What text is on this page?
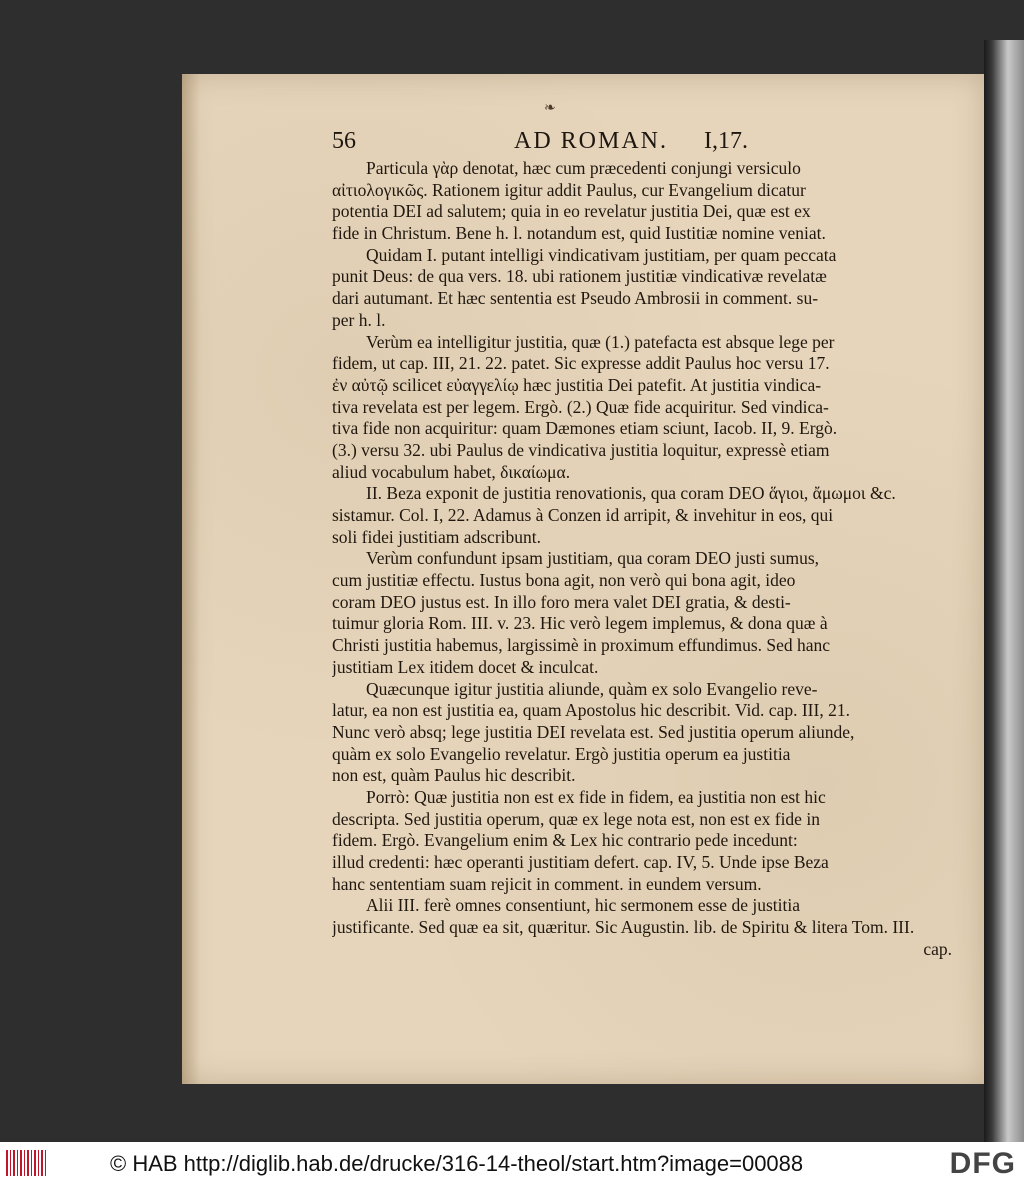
❧
56	AD ROMAN. I,17.
Particula γὰρ denotat, hæc cum præcedenti conjungi versiculo
αἰτιολογικῶς. Rationem igitur addit Paulus, cur Evangelium dicatur
potentia DEI ad salutem; quia in eo revelatur justitia Dei, quæ est ex
fide in Christum. Bene h. l. notandum est, quid Iustitiæ nomine veniat.
Quidam I. putant intelligi vindicativam justitiam, per quam peccata
punit Deus: de qua vers. 18. ubi rationem justitiæ vindicativæ revelatæ
dari autumant. Et hæc sententia est Pseudo Ambrosii in comment. su-
per h. l.
Verùm ea intelligitur justitia, quæ (1.) patefacta est absque lege per
fidem, ut cap. III, 21. 22. patet. Sic expresse addit Paulus hoc versu 17.
ἐν αὐτῷ scilicet εὐαγγελίῳ hæc justitia Dei patefit. At justitia vindica-
tiva revelata est per legem. Ergò. (2.) Quæ fide acquiritur. Sed vindica-
tiva fide non acquiritur: quam Dæmones etiam sciunt, Iacob. II, 9. Ergò.
(3.) versu 32. ubi Paulus de vindicativa justitia loquitur, expressè etiam
aliud vocabulum habet, δικαίωμα.
II. Beza exponit de justitia renovationis, qua coram DEO ἅγιοι, ἄμωμοι &c.
sistamur. Col. I, 22. Adamus à Conzen id arripit, & invehitur in eos, qui
soli fidei justitiam adscribunt.
Verùm confundunt ipsam justitiam, qua coram DEO justi sumus,
cum justitiæ effectu. Iustus bona agit, non verò qui bona agit, ideo
coram DEO justus est. In illo foro mera valet DEI gratia, & desti-
tuimur gloria Rom. III. v. 23. Hic verò legem implemus, & dona quæ à
Christi justitia habemus, largissimè in proximum effundimus. Sed hanc
justitiam Lex itidem docet & inculcat.
Quæcunque igitur justitia aliunde, quàm ex solo Evangelio reve-
latur, ea non est justitia ea, quam Apostolus hic describit. Vid. cap. III, 21.
Nunc verò absq; lege justitia DEI revelata est. Sed justitia operum aliunde,
quàm ex solo Evangelio revelatur. Ergò justitia operum ea justitia
non est, quàm Paulus hic describit.
Porrò: Quæ justitia non est ex fide in fidem, ea justitia non est hic
descripta. Sed justitia operum, quæ ex lege nota est, non est ex fide in
fidem. Ergò. Evangelium enim & Lex hic contrario pede incedunt:
illud credenti: hæc operanti justitiam defert. cap. IV, 5. Unde ipse Beza
hanc sententiam suam rejicit in comment. in eundem versum.
Alii III. ferè omnes consentiunt, hic sermonem esse de justitia
justificante. Sed quæ ea sit, quæritur. Sic Augustin. lib. de Spiritu & litera Tom. III.
cap.
© HAB http://diglib.hab.de/drucke/316-14-theol/start.htm?image=00088	DFG
